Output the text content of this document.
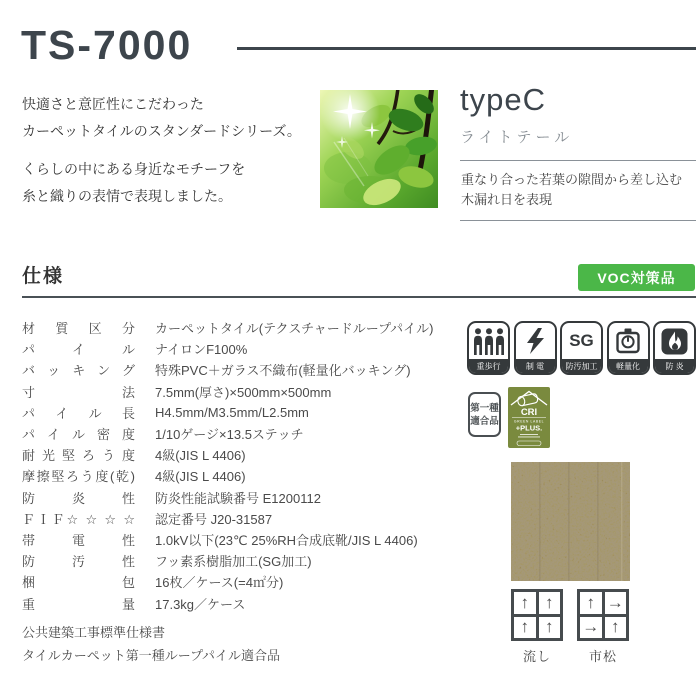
TS-7000

快適さと意匠性にこだわった
カーペットタイルのスタンダードシリーズ。

くらしの中にある身近なモチーフを
糸と織りの表情で表現しました。

typeC
ライトテール
重なり合った若葉の隙間から差し込む
木漏れ日を表現
仕様	VOC対策品
材質区分 カーペットタイル(テクスチャードループパイル)
パイル ナイロンF100%
バッキング 特殊PVC＋ガラス不織布(軽量化バッキング)
寸法 7.5mm(厚さ)×500mm×500mm
パイル長 H4.5mm/M3.5mm/L2.5mm
パイル密度 1/10ゲージ×13.5ステッチ
耐光堅ろう度 4級(JIS L 4406)
摩擦堅ろう度(乾) 4級(JIS L 4406)
防炎性 防炎性能試験番号 E1200112
ＦＩＦ☆ ☆ ☆ ☆ 認定番号 J20-31587
帯電性 1.0kV以下(23℃ 25%RH合成底靴/JIS L 4406)
防汚性 フッ素系樹脂加工(SG加工)
梱包 16枚／ケース(=4㎡分)
重量 17.3kg／ケース
重歩行	制 電
SG
防汚加工	軽量化	防 炎
第一種
適合品
CRI
GREEN LABEL
+PLUS.
↑ ↑
↑ ↑
↑ →
→ ↑
流し	市松
公共建築工事標準仕様書
タイルカーペット第一種ループパイル適合品
